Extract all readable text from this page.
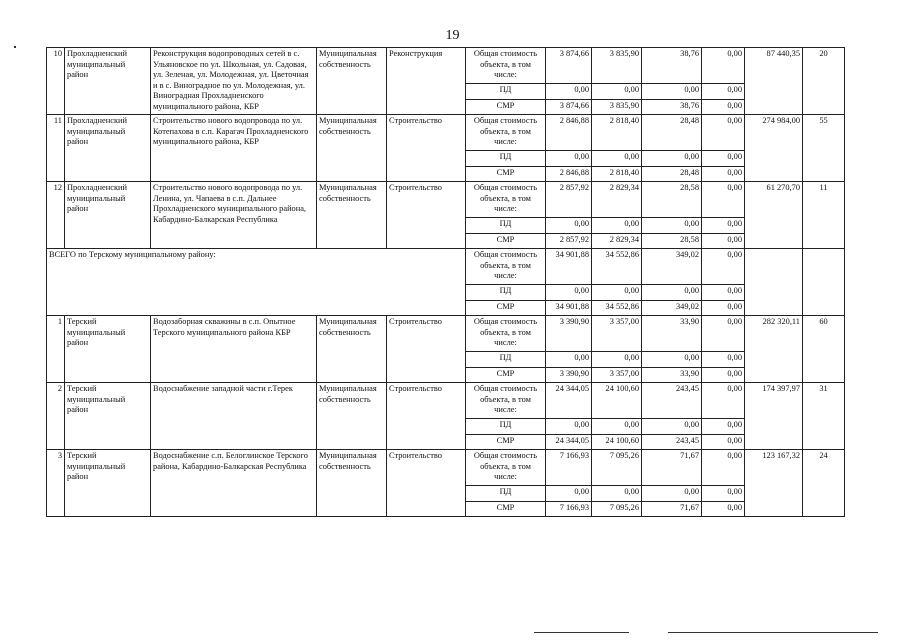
19
10	Прохладненский муниципальный район	Реконструкция водопроводных сетей в с. Ульяновское по ул. Школьная, ул. Садовая, ул. Зеленая, ул. Молодежная, ул. Цветочная и в с. Виноградное по ул. Молодежная, ул. Виноградная Прохладненского муниципального района, КБР	Муниципальная собственность	Реконструкция	Общая стоимость объекта, в том числе:	3 874,66	3 835,90	38,76	0,00	87 440,35	20
					ПД	0,00	0,00	0,00	0,00		
					СМР	3 874,66	3 835,90	38,76	0,00		
11	Прохладненский муниципальный район	Строительство нового водопровода по ул. Котепахова в с.п. Карагач Прохладненского муниципального района, КБР	Муниципальная собственность	Строительство	Общая стоимость объекта, в том числе:	2 846,88	2 818,40	28,48	0,00	274 984,00	55
					ПД	0,00	0,00	0,00	0,00		
					СМР	2 846,88	2 818,40	28,48	0,00		
12	Прохладненский муниципальный район	Строительство нового водопровода по ул. Ленина, ул. Чапаева в с.п. Дальнее Прохладненского муниципального района, Кабардино-Балкарская Республика	Муниципальная собственность	Строительство	Общая стоимость объекта, в том числе:	2 857,92	2 829,34	28,58	0,00	61 270,70	11
					ПД	0,00	0,00	0,00	0,00		
					СМР	2 857,92	2 829,34	28,58	0,00		
ВСЕГО по Терскому муниципальному району:					Общая стоимость объекта, в том числе:	34 901,88	34 552,86	349,02	0,00		
					ПД	0,00	0,00	0,00	0,00		
					СМР	34 901,88	34 552,86	349,02	0,00		
1	Терский муниципальный район	Водозаборная скважины в с.п. Опытное Терского муниципального района КБР	Муниципальная собственность	Строительство	Общая стоимость объекта, в том числе:	3 390,90	3 357,00	33,90	0,00	282 320,11	60
					ПД	0,00	0,00	0,00	0,00		
					СМР	3 390,90	3 357,00	33,90	0,00		
2	Терский муниципальный район	Водоснабжение западной части г.Терек	Муниципальная собственность	Строительство	Общая стоимость объекта, в том числе:	24 344,05	24 100,60	243,45	0,00	174 397,97	31
					ПД	0,00	0,00	0,00	0,00		
					СМР	24 344,05	24 100,60	243,45	0,00		
3	Терский муниципальный район	Водоснабжение с.п. Белоглинское Терского района, Кабардино-Балкарская Республика	Муниципальная собственность	Строительство	Общая стоимость объекта, в том числе:	7 166,93	7 095,26	71,67	0,00	123 167,32	24
					ПД	0,00	0,00	0,00	0,00		
					СМР	7 166,93	7 095,26	71,67	0,00		
